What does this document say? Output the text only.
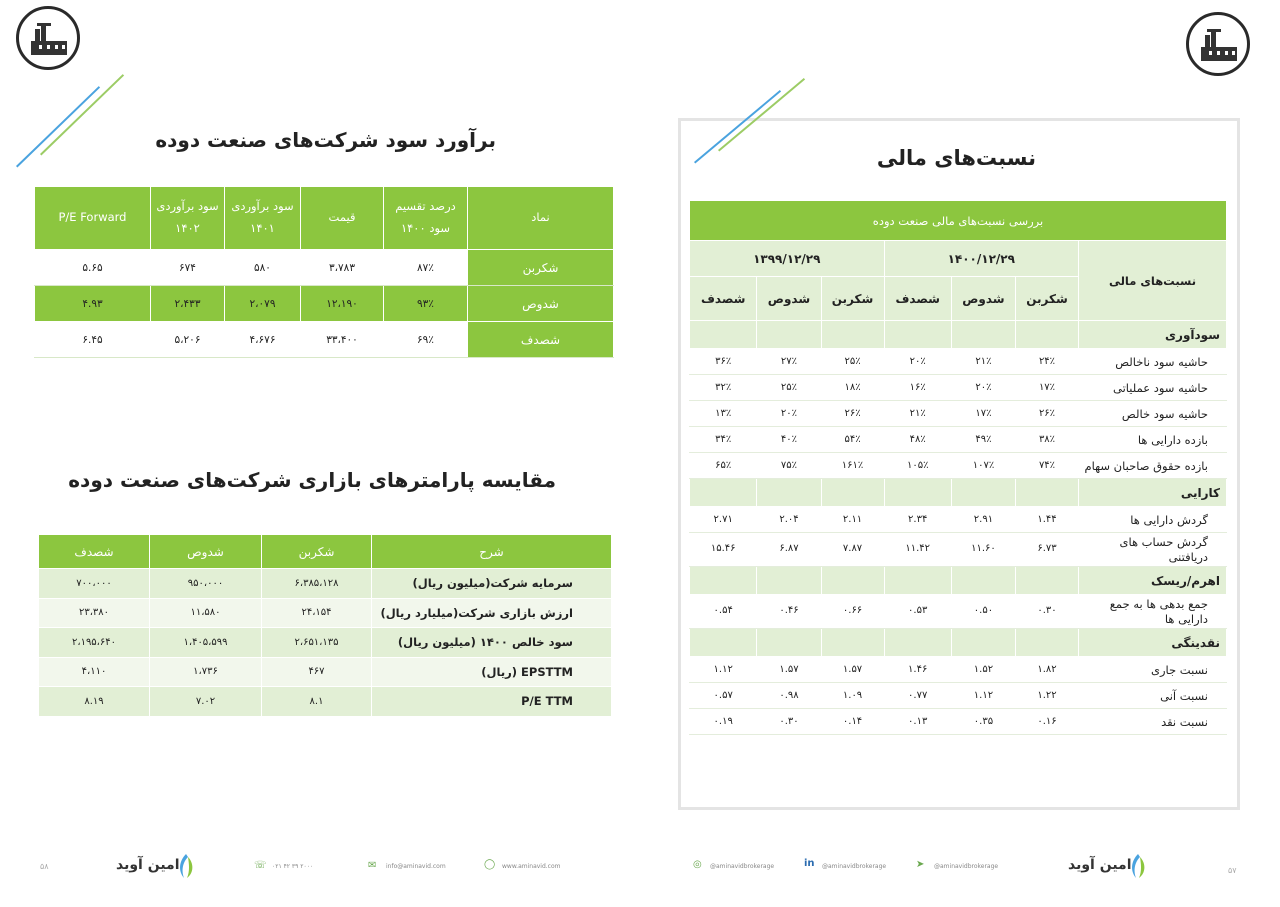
برآورد سود شرکت‌های صنعت دوده
نماد	درصد تقسیم سود ۱۴۰۰	قیمت	سود برآوردی ۱۴۰۱	سود برآوردی ۱۴۰۲	P/E Forward
شکربن	۸۷٪	۳،۷۸۳	۵۸۰	۶۷۴	۵.۶۵
شدوص	۹۳٪	۱۲،۱۹۰	۲،۰۷۹	۲،۴۳۳	۴.۹۳
شصدف	۶۹٪	۳۳،۴۰۰	۴،۶۷۶	۵،۲۰۶	۶.۴۵
مقایسه پارامترهای بازاری شرکت‌های صنعت دوده
شرح	شکربن	شدوص	شصدف
سرمایه شرکت(میلیون ریال)	۶،۳۸۵،۱۲۸	۹۵۰،۰۰۰	۷۰۰،۰۰۰
ارزش بازاری شرکت(میلیارد ریال)	۲۴،۱۵۴	۱۱،۵۸۰	۲۳،۳۸۰
سود خالص ۱۴۰۰ (میلیون ریال)	۲،۶۵۱،۱۳۵	۱،۴۰۵،۵۹۹	۲،۱۹۵،۶۴۰
EPSTTM (ریال)	۴۶۷	۱،۷۳۶	۴،۱۱۰
P/E TTM	۸.۱	۷.۰۲	۸.۱۹
۵۸	امین آوید	☏ ۰۲۱ ۴۲ ۳۹ ۲۰۰۰	✉ info@aminavid.com	◯ www.aminavid.com
نسبت‌های مالی
بررسی نسبت‌های مالی صنعت دوده						
نسبت‌های مالی	۱۴۰۰/۱۲/۲۹			۱۳۹۹/۱۲/۲۹		
	شکربن	شدوص	شصدف	شکربن	شدوص	شصدف
سودآوری						
حاشیه سود ناخالص	۲۴٪	۲۱٪	۲۰٪	۲۵٪	۲۷٪	۳۶٪
حاشیه سود عملیاتی	۱۷٪	۲۰٪	۱۶٪	۱۸٪	۲۵٪	۳۲٪
حاشیه سود خالص	۲۶٪	۱۷٪	۲۱٪	۲۶٪	۲۰٪	۱۳٪
بازده دارایی ها	۳۸٪	۴۹٪	۴۸٪	۵۴٪	۴۰٪	۳۴٪
بازده حقوق صاحبان سهام	۷۴٪	۱۰۷٪	۱۰۵٪	۱۶۱٪	۷۵٪	۶۵٪
کارایی						
گردش دارایی ها	۱.۴۴	۲.۹۱	۲.۳۴	۲.۱۱	۲.۰۴	۲.۷۱
گردش حساب های دریافتنی	۶.۷۳	۱۱.۶۰	۱۱.۴۲	۷.۸۷	۶.۸۷	۱۵.۴۶
اهرم/ریسک						
جمع بدهی ها به جمع دارایی ها	۰.۳۰	۰.۵۰	۰.۵۳	۰.۶۶	۰.۴۶	۰.۵۴
نقدینگی						
نسبت جاری	۱.۸۲	۱.۵۲	۱.۴۶	۱.۵۷	۱.۵۷	۱.۱۲
نسبت آنی	۱.۲۲	۱.۱۲	۰.۷۷	۱.۰۹	۰.۹۸	۰.۵۷
نسبت نقد	۰.۱۶	۰.۳۵	۰.۱۳	۰.۱۴	۰.۳۰	۰.۱۹
◎ @aminavidbrokerage	in @aminavidbrokerage	➤ @aminavidbrokerage	امین آوید	۵۷
